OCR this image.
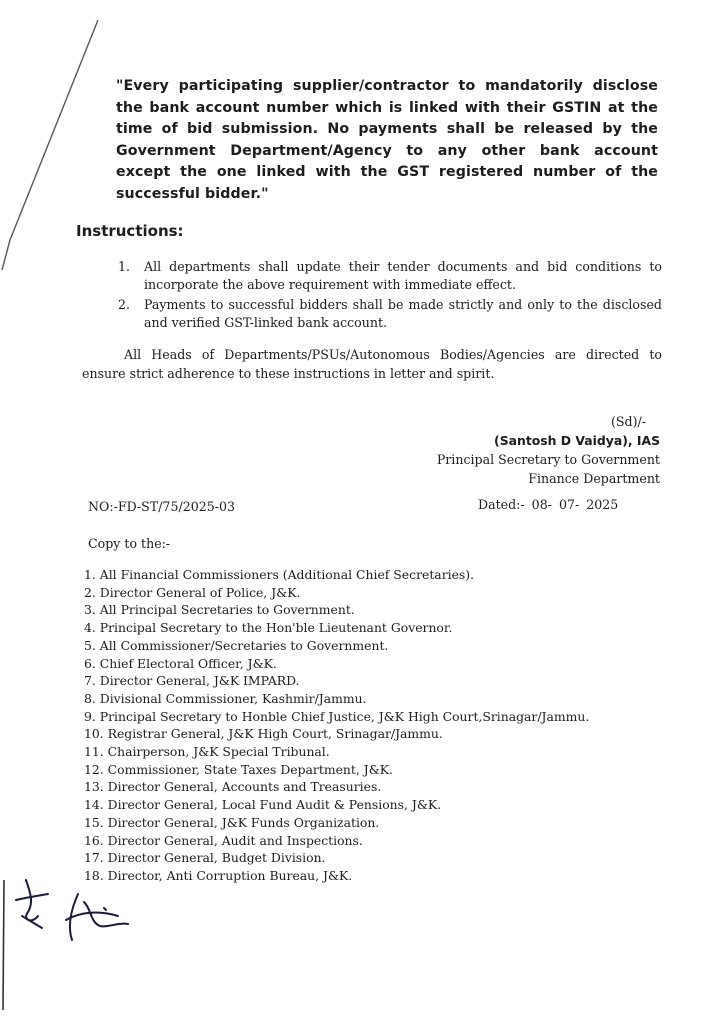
"Every participating supplier/contractor to mandatorily disclose the bank account number which is linked with their GSTIN at the time of bid submission. No payments shall be released by the Government Department/Agency to any other bank account except the one linked with the GST registered number of the successful bidder."
Instructions:
1.	All departments shall update their tender documents and bid conditions to incorporate the above requirement with immediate effect.
2.	Payments to successful bidders shall be made strictly and only to the disclosed and verified GST-linked bank account.
All Heads of Departments/PSUs/Autonomous Bodies/Agencies are directed to ensure strict adherence to these instructions in letter and spirit.
(Sd)/-
(Santosh D Vaidya), IAS
Principal Secretary to Government
Finance Department
NO:-FD-ST/75/2025-03	Dated:- 08- 07- 2025
Copy to the:-
1. All Financial Commissioners (Additional Chief Secretaries).
2. Director General of Police, J&K.
3. All Principal Secretaries to Government.
4. Principal Secretary to the Hon'ble Lieutenant Governor.
5. All Commissioner/Secretaries to Government.
6. Chief Electoral Officer, J&K.
7. Director General, J&K IMPARD.
8. Divisional Commissioner, Kashmir/Jammu.
9. Principal Secretary to Honble Chief Justice, J&K High Court,Srinagar/Jammu.
10. Registrar General, J&K High Court, Srinagar/Jammu.
11. Chairperson, J&K Special Tribunal.
12. Commissioner, State Taxes Department, J&K.
13. Director General, Accounts and Treasuries.
14. Director General, Local Fund Audit & Pensions, J&K.
15. Director General, J&K Funds Organization.
16. Director General, Audit and Inspections.
17. Director General, Budget Division.
18. Director, Anti Corruption Bureau, J&K.
